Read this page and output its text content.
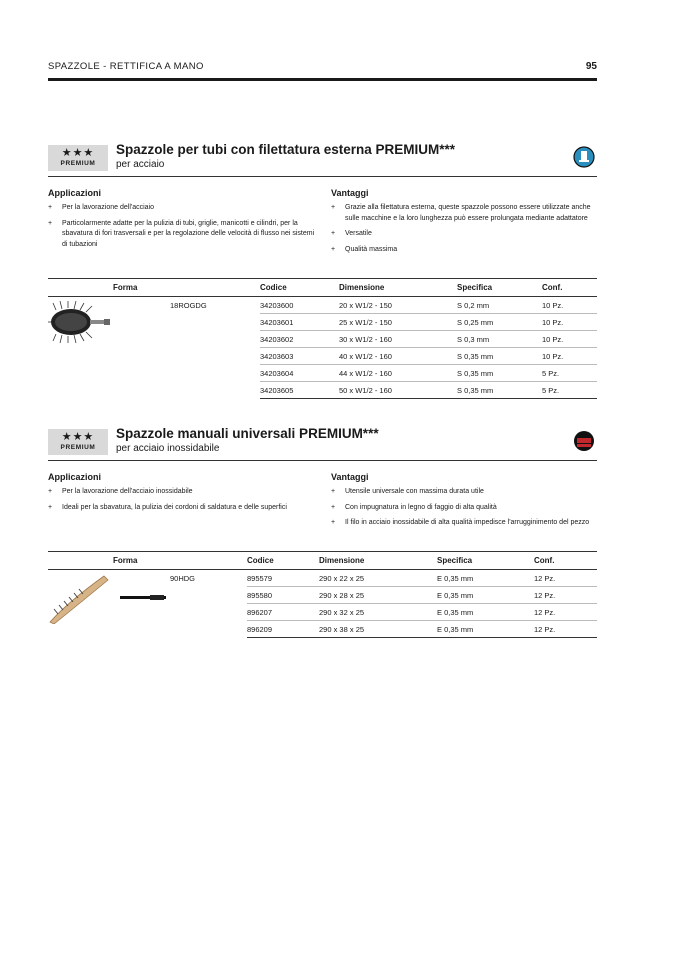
SPAZZOLE - RETTIFICA A MANO	95
★★★
PREMIUM
Spazzole per tubi con filettatura esterna PREMIUM***
per acciaio
Applicazioni
+ Per la lavorazione dell'acciaio
+ Particolarmente adatte per la pulizia di tubi, griglie, manicotti e cilindri, per la sbavatura di fori trasversali e per la regolazione delle velocità di flusso nei sistemi di tubazioni
Vantaggi
+ Grazie alla filettatura esterna, queste spazzole possono essere utilizzate anche sulle macchine e la loro lunghezza può essere prolungata mediante adattatore
+ Versatile
+ Qualità massima
Forma		Codice	Dimensione	Specifica	Conf.
	18ROGDG	34203600	20 x W1/2 - 150	S 0,2 mm	10 Pz.
		34203601	25 x W1/2 - 150	S 0,25 mm	10 Pz.
		34203602	30 x W1/2 - 160	S 0,3 mm	10 Pz.
		34203603	40 x W1/2 - 160	S 0,35 mm	10 Pz.
		34203604	44 x W1/2 - 160	S 0,35 mm	5 Pz.
		34203605	50 x W1/2 - 160	S 0,35 mm	5 Pz.
★★★
PREMIUM
Spazzole manuali universali PREMIUM***
per acciaio inossidabile
Applicazioni
+ Per la lavorazione dell'acciaio inossidabile
+ Ideali per la sbavatura, la pulizia dei cordoni di saldatura e delle superfici
Vantaggi
+ Utensile universale con massima durata utile
+ Con impugnatura in legno di faggio di alta qualità
+ Il filo in acciaio inossidabile di alta qualità impedisce l'arrugginimento del pezzo
Forma		Codice	Dimensione	Specifica	Conf.
	90HDG	895579	290 x 22 x 25	E 0,35 mm	12 Pz.
		895580	290 x 28 x 25	E 0,35 mm	12 Pz.
		896207	290 x 32 x 25	E 0,35 mm	12 Pz.
		896209	290 x 38 x 25	E 0,35 mm	12 Pz.
